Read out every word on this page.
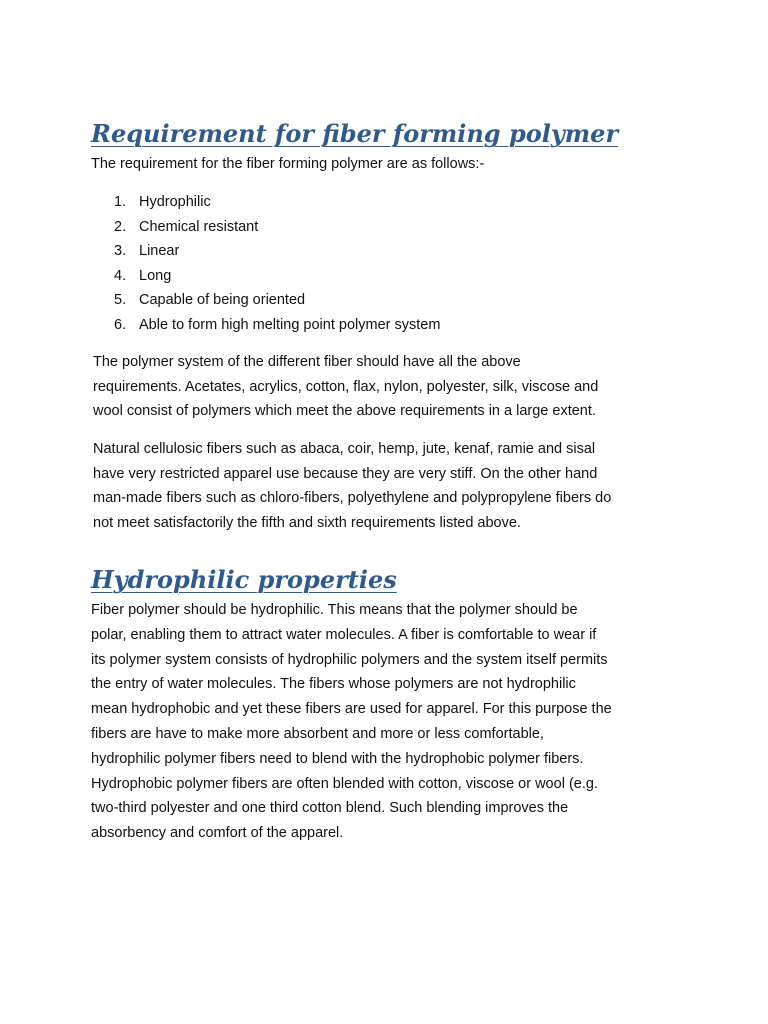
Requirement for fiber forming polymer

The requirement for the fiber forming polymer are as follows:-

1. Hydrophilic
2. Chemical resistant
3. Linear
4. Long
5. Capable of being oriented
6. Able to form high melting point polymer system

The polymer system of the different fiber should have all the above
requirements. Acetates, acrylics, cotton, flax, nylon, polyester, silk, viscose and
wool consist of polymers which meet the above requirements in a large extent.

Natural cellulosic fibers such as abaca, coir, hemp, jute, kenaf, ramie and sisal
have very restricted apparel use because they are very stiff. On the other hand
man-made fibers such as chloro-fibers, polyethylene and polypropylene fibers do
not meet satisfactorily the fifth and sixth requirements listed above.

Hydrophilic properties

Fiber polymer should be hydrophilic. This means that the polymer should be
polar, enabling them to attract water molecules. A fiber is comfortable to wear if
its polymer system consists of hydrophilic polymers and the system itself permits
the entry of water molecules. The fibers whose polymers are not hydrophilic
mean hydrophobic and yet these fibers are used for apparel. For this purpose the
fibers are have to make more absorbent and more or less comfortable,
hydrophilic polymer fibers need to blend with the hydrophobic polymer fibers.
Hydrophobic polymer fibers are often blended with cotton, viscose or wool (e.g.
two-third polyester and one third cotton blend. Such blending improves the
absorbency and comfort of the apparel.
